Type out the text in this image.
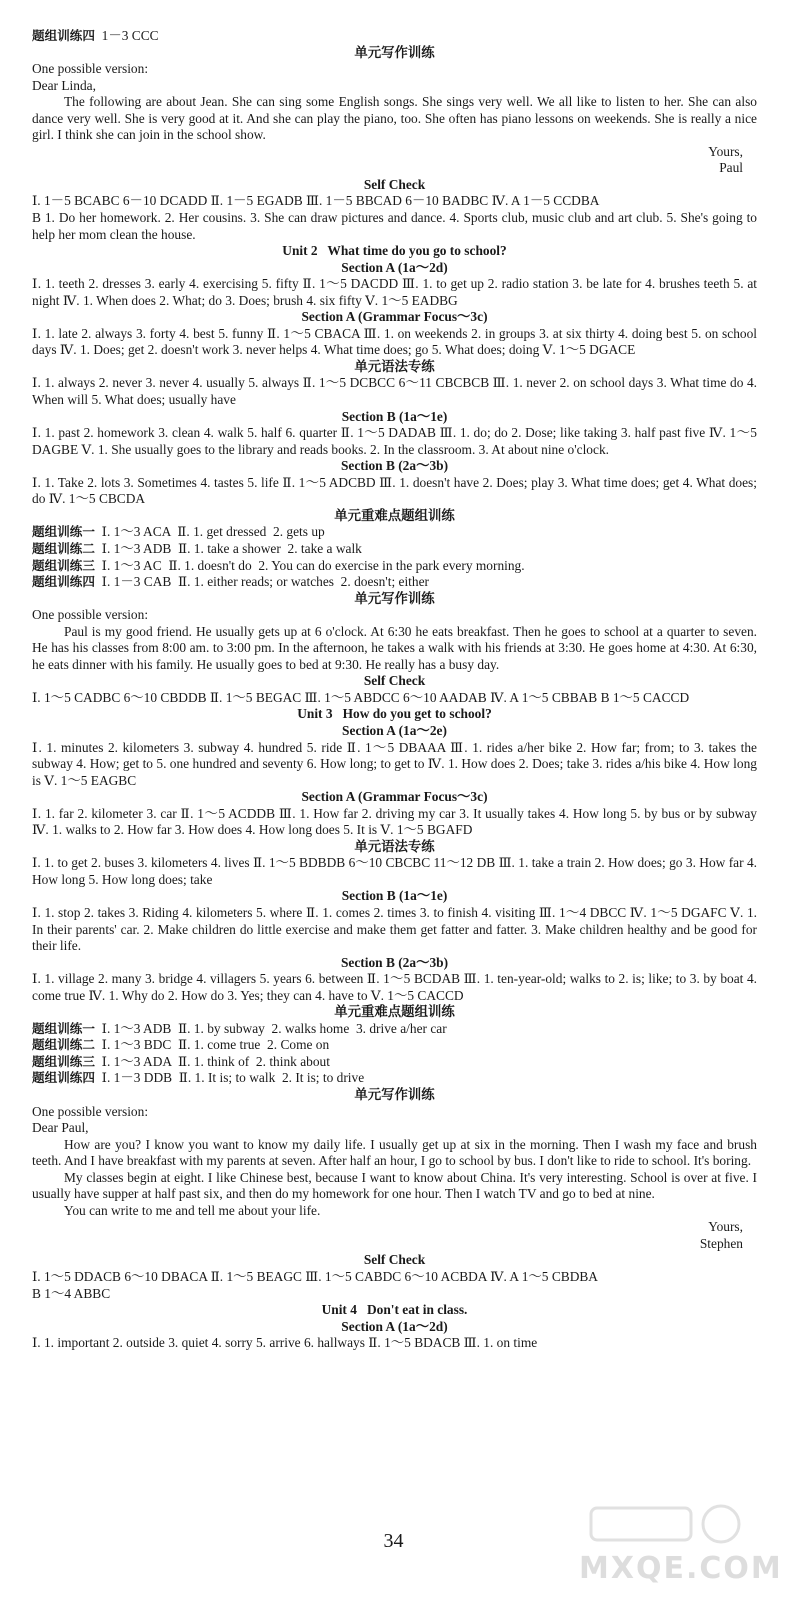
题组训练四 1－3 CCC
单元写作训练
One possible version:
Dear Linda,
The following are about Jean. She can sing some English songs. She sings very well. We all like to listen to her. She can also dance very well. She is very good at it. And she can play the piano, too. She often has piano lessons on weekends. She is really a nice girl. I think she can join in the school show.
Yours,
Paul
Self Check
Ⅰ. 1－5 BCABC 6－10 DCADD Ⅱ. 1－5 EGADB Ⅲ. 1－5 BBCAD 6－10 BADBC Ⅳ. A 1－5 CCDBA
B 1. Do her homework. 2. Her cousins. 3. She can draw pictures and dance. 4. Sports club, music club and art club. 5. She's going to help her mom clean the house.
Unit 2   What time do you go to school?
Section A (1a～2d)
Ⅰ. 1. teeth 2. dresses 3. early 4. exercising 5. fifty Ⅱ. 1～5 DACDD Ⅲ. 1. to get up 2. radio station 3. be late for 4. brushes teeth 5. at night Ⅳ. 1. When does 2. What; do 3. Does; brush 4. six fifty Ⅴ. 1～5 EADBG
Section A (Grammar Focus～3c)
Ⅰ. 1. late 2. always 3. forty 4. best 5. funny Ⅱ. 1～5 CBACA Ⅲ. 1. on weekends 2. in groups 3. at six thirty 4. doing best 5. on school days Ⅳ. 1. Does; get 2. doesn't work 3. never helps 4. What time does; go 5. What does; doing Ⅴ. 1～5 DGACE
单元语法专练
Ⅰ. 1. always 2. never 3. never 4. usually 5. always Ⅱ. 1～5 DCBCC 6～11 CBCBCB Ⅲ. 1. never 2. on school days 3. What time do 4. When will 5. What does; usually have
Section B (1a～1e)
Ⅰ. 1. past 2. homework 3. clean 4. walk 5. half 6. quarter Ⅱ. 1～5 DADAB Ⅲ. 1. do; do 2. Dose; like taking 3. half past five Ⅳ. 1～5 DAGBE Ⅴ. 1. She usually goes to the library and reads books. 2. In the classroom. 3. At about nine o'clock.
Section B (2a～3b)
Ⅰ. 1. Take 2. lots 3. Sometimes 4. tastes 5. life Ⅱ. 1～5 ADCBD Ⅲ. 1. doesn't have 2. Does; play 3. What time does; get 4. What does; do Ⅳ. 1～5 CBCDA
单元重难点题组训练
题组训练一 Ⅰ. 1～3 ACA  Ⅱ. 1. get dressed  2. gets up
题组训练二 Ⅰ. 1～3 ADB  Ⅱ. 1. take a shower  2. take a walk
题组训练三 Ⅰ. 1～3 AC  Ⅱ. 1. doesn't do  2. You can do exercise in the park every morning.
题组训练四 Ⅰ. 1－3 CAB  Ⅱ. 1. either reads; or watches  2. doesn't; either
单元写作训练
One possible version:
Paul is my good friend. He usually gets up at 6 o'clock. At 6:30 he eats breakfast. Then he goes to school at a quarter to seven. He has his classes from 8:00 am. to 3:00 pm. In the afternoon, he takes a walk with his friends at 3:30. He goes home at 4:30. At 6:30, he eats dinner with his family. He usually goes to bed at 9:30. He really has a busy day.
Self Check
Ⅰ. 1～5 CADBC 6～10 CBDDB Ⅱ. 1～5 BEGAC Ⅲ. 1～5 ABDCC 6～10 AADAB Ⅳ. A 1～5 CBBAB B 1～5 CACCD
Unit 3   How do you get to school?
Section A (1a～2e)
Ⅰ. 1. minutes 2. kilometers 3. subway 4. hundred 5. ride Ⅱ. 1～5 DBAAA Ⅲ. 1. rides a/her bike 2. How far; from; to 3. takes the subway 4. How; get to 5. one hundred and seventy 6. How long; to get to Ⅳ. 1. How does 2. Does; take 3. rides a/his bike 4. How long is Ⅴ. 1～5 EAGBC
Section A (Grammar Focus～3c)
Ⅰ. 1. far 2. kilometer 3. car Ⅱ. 1～5 ACDDB Ⅲ. 1. How far 2. driving my car 3. It usually takes 4. How long 5. by bus or by subway Ⅳ. 1. walks to 2. How far 3. How does 4. How long does 5. It is Ⅴ. 1～5 BGAFD
单元语法专练
Ⅰ. 1. to get 2. buses 3. kilometers 4. lives Ⅱ. 1～5 BDBDB 6～10 CBCBC 11～12 DB Ⅲ. 1. take a train 2. How does; go 3. How far 4. How long 5. How long does; take
Section B (1a～1e)
Ⅰ. 1. stop 2. takes 3. Riding 4. kilometers 5. where Ⅱ. 1. comes 2. times 3. to finish 4. visiting Ⅲ. 1～4 DBCC Ⅳ. 1～5 DGAFC Ⅴ. 1. In their parents' car. 2. Make children do little exercise and make them get fatter and fatter. 3. Make children healthy and be good for their life.
Section B (2a～3b)
Ⅰ. 1. village 2. many 3. bridge 4. villagers 5. years 6. between Ⅱ. 1～5 BCDAB Ⅲ. 1. ten-year-old; walks to 2. is; like; to 3. by boat 4. come true Ⅳ. 1. Why do 2. How do 3. Yes; they can 4. have to Ⅴ. 1～5 CACCD
单元重难点题组训练
题组训练一 Ⅰ. 1～3 ADB  Ⅱ. 1. by subway  2. walks home  3. drive a/her car
题组训练二 Ⅰ. 1～3 BDC  Ⅱ. 1. come true  2. Come on
题组训练三 Ⅰ. 1～3 ADA  Ⅱ. 1. think of  2. think about
题组训练四 Ⅰ. 1－3 DDB  Ⅱ. 1. It is; to walk  2. It is; to drive
单元写作训练
One possible version:
Dear Paul,
How are you? I know you want to know my daily life. I usually get up at six in the morning. Then I wash my face and brush teeth. And I have breakfast with my parents at seven. After half an hour, I go to school by bus. I don't like to ride to school. It's boring.
My classes begin at eight. I like Chinese best, because I want to know about China. It's very interesting. School is over at five. I usually have supper at half past six, and then do my homework for one hour. Then I watch TV and go to bed at nine.
You can write to me and tell me about your life.
Yours,
Stephen
Self Check
Ⅰ. 1～5 DDACB 6～10 DBACA Ⅱ. 1～5 BEAGC Ⅲ. 1～5 CABDC 6～10 ACBDA Ⅳ. A 1～5 CBDBA
B 1～4 ABBC
Unit 4   Don't eat in class.
Section A (1a～2d)
Ⅰ. 1. important 2. outside 3. quiet 4. sorry 5. arrive 6. hallways Ⅱ. 1～5 BDACB Ⅲ. 1. on time
34
MXQE.COM
